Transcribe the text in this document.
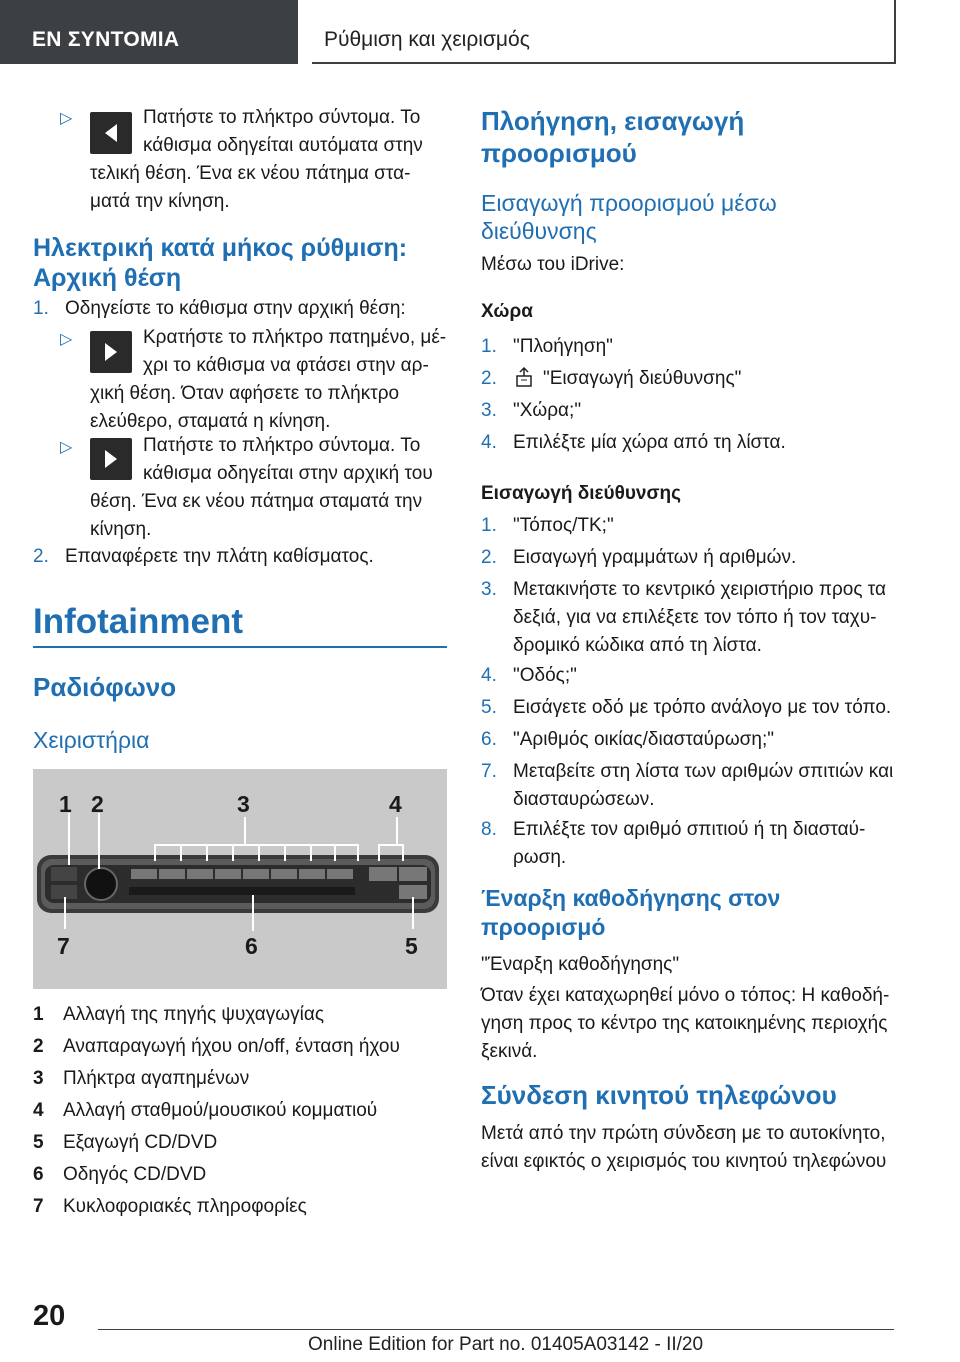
ΕΝ ΣΥΝΤΟΜΙΑ	Ρύθμιση και χειρισμός
▷	Πατήστε το πλήκτρο σύντομα. Το
κάθισμα οδηγείται αυτόματα στην
τελική θέση. Ένα εκ νέου πάτημα στα-
ματά την κίνηση.
Ηλεκτρική κατά μήκος ρύθμιση:
Αρχική θέση
1. Οδηγείστε το κάθισμα στην αρχική θέση:
▷	Κρατήστε το πλήκτρο πατημένο, μέ-
χρι το κάθισμα να φτάσει στην αρ-
χική θέση. Όταν αφήσετε το πλήκτρο
ελεύθερο, σταματά η κίνηση.
▷	Πατήστε το πλήκτρο σύντομα. Το
κάθισμα οδηγείται στην αρχική του
θέση. Ένα εκ νέου πάτημα σταματά την
κίνηση.
2. Επαναφέρετε την πλάτη καθίσματος.
Infotainment
Ραδιόφωνο
Χειριστήρια
1 2	3	4
7	6	5
1 Αλλαγή της πηγής ψυχαγωγίας
2 Αναπαραγωγή ήχου on/off, ένταση ήχου
3 Πλήκτρα αγαπημένων
4 Αλλαγή σταθμού/μουσικού κομματιού
5 Εξαγωγή CD/DVD
6 Οδηγός CD/DVD
7 Κυκλοφοριακές πληροφορίες
Πλοήγηση, εισαγωγή
προορισμού
Εισαγωγή προορισμού μέσω
διεύθυνσης
Μέσω του iDrive:
Χώρα
1. "Πλοήγηση"
2. "Εισαγωγή διεύθυνσης"
3. "Χώρα;"
4. Επιλέξτε μία χώρα από τη λίστα.
Εισαγωγή διεύθυνσης
1. "Τόπος/ΤΚ;"
2. Εισαγωγή γραμμάτων ή αριθμών.
3. Μετακινήστε το κεντρικό χειριστήριο προς τα
δεξιά, για να επιλέξετε τον τόπο ή τον ταχυ-
δρομικό κώδικα από τη λίστα.
4. "Οδός;"
5. Εισάγετε οδό με τρόπο ανάλογο με τον τόπο.
6. "Αριθμός οικίας/διασταύρωση;"
7. Μεταβείτε στη λίστα των αριθμών σπιτιών και
διασταυρώσεων.
8. Επιλέξτε τον αριθμό σπιτιού ή τη διασταύ-
ρωση.
Έναρξη καθοδήγησης στον
προορισμό
"Έναρξη καθοδήγησης"
Όταν έχει καταχωρηθεί μόνο ο τόπος: Η καθοδή-
γηση προς το κέντρο της κατοικημένης περιοχής
ξεκινά.
Σύνδεση κινητού τηλεφώνου
Μετά από την πρώτη σύνδεση με το αυτοκίνητο,
είναι εφικτός ο χειρισμός του κινητού τηλεφώνου
20
Online Edition for Part no. 01405A03142 - II/20
